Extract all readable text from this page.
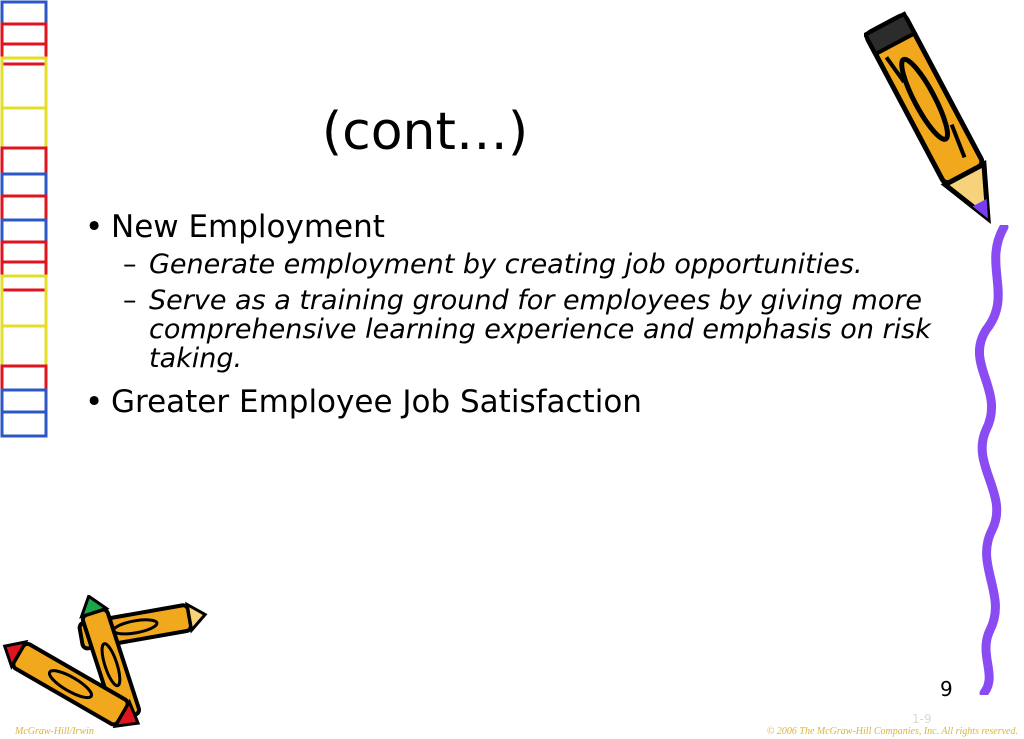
(cont…)
• New Employment
– Generate employment by creating job opportunities.
– Serve as a training ground for employees by giving more comprehensive learning experience and emphasis on risk taking.
• Greater Employee Job Satisfaction
9
1-9
McGraw-Hill/Irwin	© 2006 The McGraw-Hill Companies, Inc. All rights reserved.
